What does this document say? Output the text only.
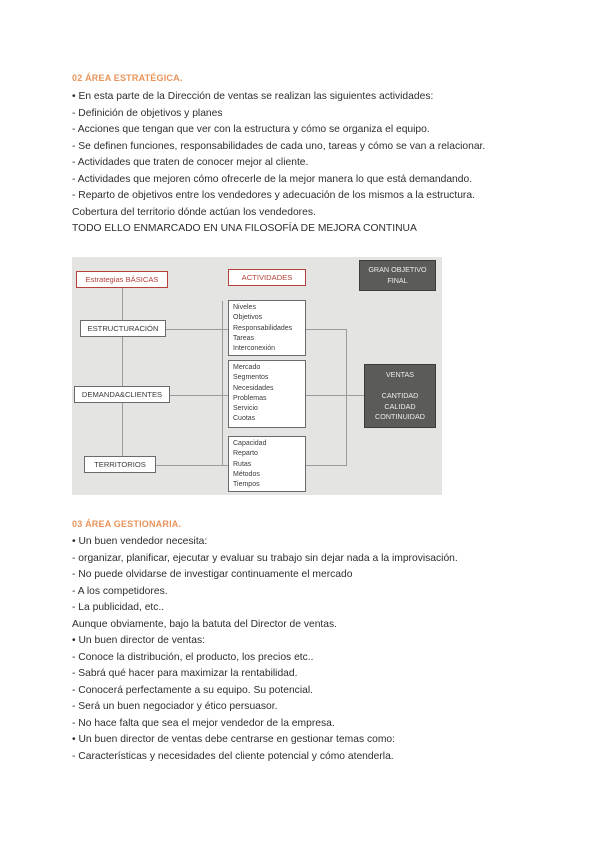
02 ÁREA ESTRATÉGICA.
• En esta parte de la Dirección de ventas se realizan las siguientes actividades:
- Definición de objetivos y planes
- Acciones que tengan que ver con la estructura y cómo se organiza el equipo.
- Se definen funciones, responsabilidades de cada uno, tareas y cómo se van a relacionar.
- Actividades que traten de conocer mejor al cliente.
- Actividades que mejoren cómo ofrecerle de la mejor manera lo que está demandando.
- Reparto de objetivos entre los vendedores y adecuación de los mismos a la estructura.
Cobertura del territorio dónde actúan los vendedores.
TODO ELLO ENMARCADO EN UNA FILOSOFÍA DE MEJORA CONTINUA
Estrategias BÁSICAS	ACTIVIDADES
GRAN OBJETIVO
FINAL
ESTRUCTURACIÓN
DEMANDA&CLIENTES
TERRITORIOS
Niveles
Objetivos
Responsabilidades
Tareas
Interconexión
Mercado
Segmentos
Necesidades
Problemas
Servicio
Cuotas
Capacidad
Reparto
Rutas
Métodos
Tiempos
VENTAS
CANTIDAD
CALIDAD
CONTINUIDAD
03 ÁREA GESTIONARIA.
• Un buen vendedor necesita:
- organizar, planificar, ejecutar y evaluar su trabajo sin dejar nada a la improvisación.
- No puede olvidarse de investigar continuamente el mercado
- A los competidores.
- La publicidad, etc..
Aunque obviamente, bajo la batuta del Director de ventas.
• Un buen director de ventas:
- Conoce la distribución, el producto, los precios etc..
- Sabrá qué hacer para maximizar la rentabilidad.
- Conocerá perfectamente a su equipo. Su potencial.
- Será un buen negociador y ético persuasor.
- No hace falta que sea el mejor vendedor de la empresa.
• Un buen director de ventas debe centrarse en gestionar temas como:
- Características y necesidades del cliente potencial y cómo atenderla.
